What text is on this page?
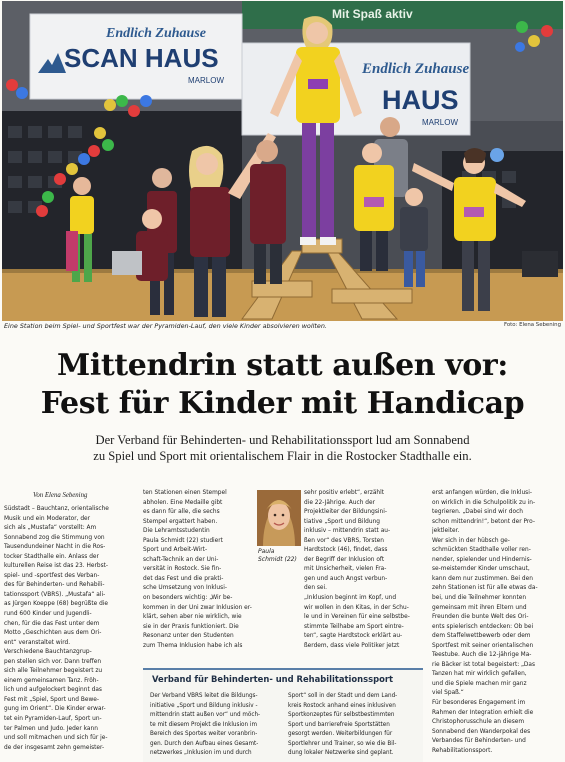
Mit Spaß aktiv
Endlich Zuhause
SCAN HAUS
MARLOW
Endlich Zuhause
HAUS
MARLOW
Eine Station beim Spiel- und Sportfest war der Pyramiden-Lauf, den viele Kinder absolvieren wollten.	Foto: Elena Sebening
Mittendrin statt außen vor:
Fest für Kinder mit Handicap
Der Verband für Behinderten- und Rehabilitationssport lud am Sonnabend
zu Spiel und Sport mit orientalischem Flair in die Rostocker Stadthalle ein.
Von Elena Sebening
Südstadt – Bauchtanz, orientalische
Musik und ein Moderator, der
sich als „Mustafa“ vorstellt: Am
Sonnabend zog die Stimmung von
Tausendundeiner Nacht in die Ros-
tocker Stadthalle ein. Anlass der
kulturellen Reise ist das 23. Herbst-
spiel- und -sportfest des Verban-
des für Behinderten- und Rehabili-
tationssport (VBRS). „Mustafa“ ali-
as Jürgen Koeppe (68) begrüßte die
rund 600 Kinder und Jugendli-
chen, für die das Fest unter dem
Motto „Geschichten aus dem Ori-
ent“ veranstaltet wird.
Verschiedene Bauchtanzgrup-
pen stellen sich vor. Dann treffen
sich alle Teilnehmer begeistert zu
einem gemeinsamen Tanz. Fröh-
lich und aufgelockert beginnt das
Fest mit „Spiel, Sport und Bewe-
gung im Orient“. Die Kinder erwar-
tet ein Pyramiden-Lauf, Sport un-
ter Palmen und Judo. Jeder kann
und soll mitmachen und sich für je-
de der insgesamt zehn gemeister-
ten Stationen einen Stempel
abholen. Eine Medaille gibt
es dann für alle, die sechs
Stempel ergattert haben.
Die Lehramtsstudentin
Paula Schmidt (22) studiert
Sport und Arbeit-Wirt-
schaft-Technik an der Uni-
versität in Rostock. Sie fin-
det das Fest und die prakti-
sche Umsetzung von Inklusi-
on besonders wichtig: „Wir be-
kommen in der Uni zwar Inklusion er-
klärt, sehen aber nie wirklich, wie
sie in der Praxis funktioniert. Die
Resonanz unter den Studenten
zum Thema Inklusion habe ich als
Paula
Schmidt (22)
sehr positiv erlebt“, erzählt
die 22-Jährige. Auch der
Projektleiter der Bildungsini-
tiative „Sport und Bildung
inklusiv – mittendrin statt au-
ßen vor“ des VBRS, Torsten
Hardtstock (46), findet, dass
der Begriff der Inklusion oft
mit Unsicherheit, vielen Fra-
gen und auch Angst verbun-
den sei.
„Inklusion beginnt im Kopf, und
wir wollen in den Kitas, in der Schu-
le und in Vereinen für eine selbstbe-
stimmte Teilhabe am Sport eintre-
ten“, sagte Hardtstock erklärt au-
ßerdem, dass viele Politiker jetzt
erst anfangen würden, die Inklusi-
on wirklich in die Schulpolitik zu in-
tegrieren. „Dabei sind wir doch
schon mittendrin!“, betont der Pro-
jektleiter.
Wer sich in der hübsch ge-
schmückten Stadthalle voller ren-
nender, spielender und Hindernis-
se-meisternder Kinder umschaut,
kann dem nur zustimmen. Bei den
zehn Stationen ist für alle etwas da-
bei, und die Teilnehmer konnten
gemeinsam mit ihren Eltern und
Freunden die bunte Welt des Ori-
ents spielerisch entdecken: Ob bei
dem Staffelwettbewerb oder dem
Sportfest mit seiner orientalischen
Teestube. Auch die 12-jährige Ma-
rie Bäcker ist total begeistert: „Das
Tanzen hat mir wirklich gefallen,
und die Spiele machen mir ganz
viel Spaß.“
Für besonderes Engagement im
Rahmen der Integration erhielt die
Christophorusschule an diesem
Sonnabend den Wanderpokal des
Verbandes für Behinderten- und
Rehabilitationssport.
Verband für Behinderten- und Rehabilitationssport
Der Verband VBRS leitet die Bildungs-
initiative „Sport und Bildung inklusiv -
mittendrin statt außen vor“ und möch-
te mit diesem Projekt die Inklusion im
Bereich des Sportes weiter voranbrin-
gen. Durch den Aufbau eines Gesamt-
netzwerkes „Inklusion im und durch
Sport“ soll in der Stadt und dem Land-
kreis Rostock anhand eines inklusiven
Sportkonzeptes für selbstbestimmten
Sport und barrierefreie Sportstätten
gesorgt werden. Weiterbildungen für
Sportlehrer und Trainer, so wie die Bil-
dung lokaler Netzwerke sind geplant.
